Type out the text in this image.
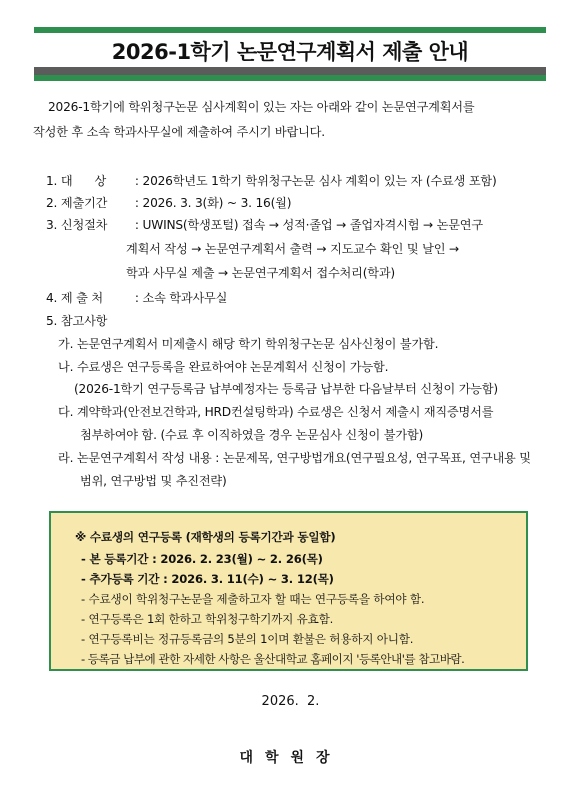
2026-1학기 논문연구계획서 제출 안내
2026-1학기에 학위청구논문 심사계획이 있는 자는 아래와 같이 논문연구계획서를
작성한 후 소속 학과사무실에 제출하여 주시기 바랍니다.
1. 대      상 : 2026학년도 1학기 학위청구논문 심사 계획이 있는 자 (수료생 포함)
2. 제출기간 : 2026. 3. 3(화) ~ 3. 16(월)
3. 신청절차 : UWINS(학생포털) 접속 → 성적·졸업 → 졸업자격시험 → 논문연구
계획서 작성 → 논문연구계획서 출력 → 지도교수 확인 및 날인 →
학과 사무실 제출 → 논문연구계획서 접수처리(학과)
4. 제 출 처	: 소속 학과사무실
5. 참고사항
가. 논문연구계획서 미제출시 해당 학기 학위청구논문 심사신청이 불가함.
나. 수료생은 연구등록을 완료하여야 논문계획서 신청이 가능함.
(2026-1학기 연구등록금 납부예정자는 등록금 납부한 다음날부터 신청이 가능함)
다. 계약학과(안전보건학과, HRD컨설팅학과) 수료생은 신청서 제출시 재직증명서를
첨부하여야 함. (수료 후 이직하였을 경우 논문심사 신청이 불가함)
라. 논문연구계획서 작성 내용 : 논문제목, 연구방법개요(연구필요성, 연구목표, 연구내용 및
범위, 연구방법 및 추진전략)
※ 수료생의 연구등록 (재학생의 등록기간과 동일함)
- 본 등록기간 : 2026. 2. 23(월) ~ 2. 26(목)
- 추가등록 기간 : 2026. 3. 11(수) ~ 3. 12(목)
- 수료생이 학위청구논문을 제출하고자 할 때는 연구등록을 하여야 함.
- 연구등록은 1회 한하고 학위청구학기까지 유효함.
- 연구등록비는 정규등록금의 5분의 1이며 환불은 허용하지 아니함.
- 등록금 납부에 관한 자세한 사항은 울산대학교 홈페이지 '등록안내'를 참고바람.
2026.  2.
대학원장
